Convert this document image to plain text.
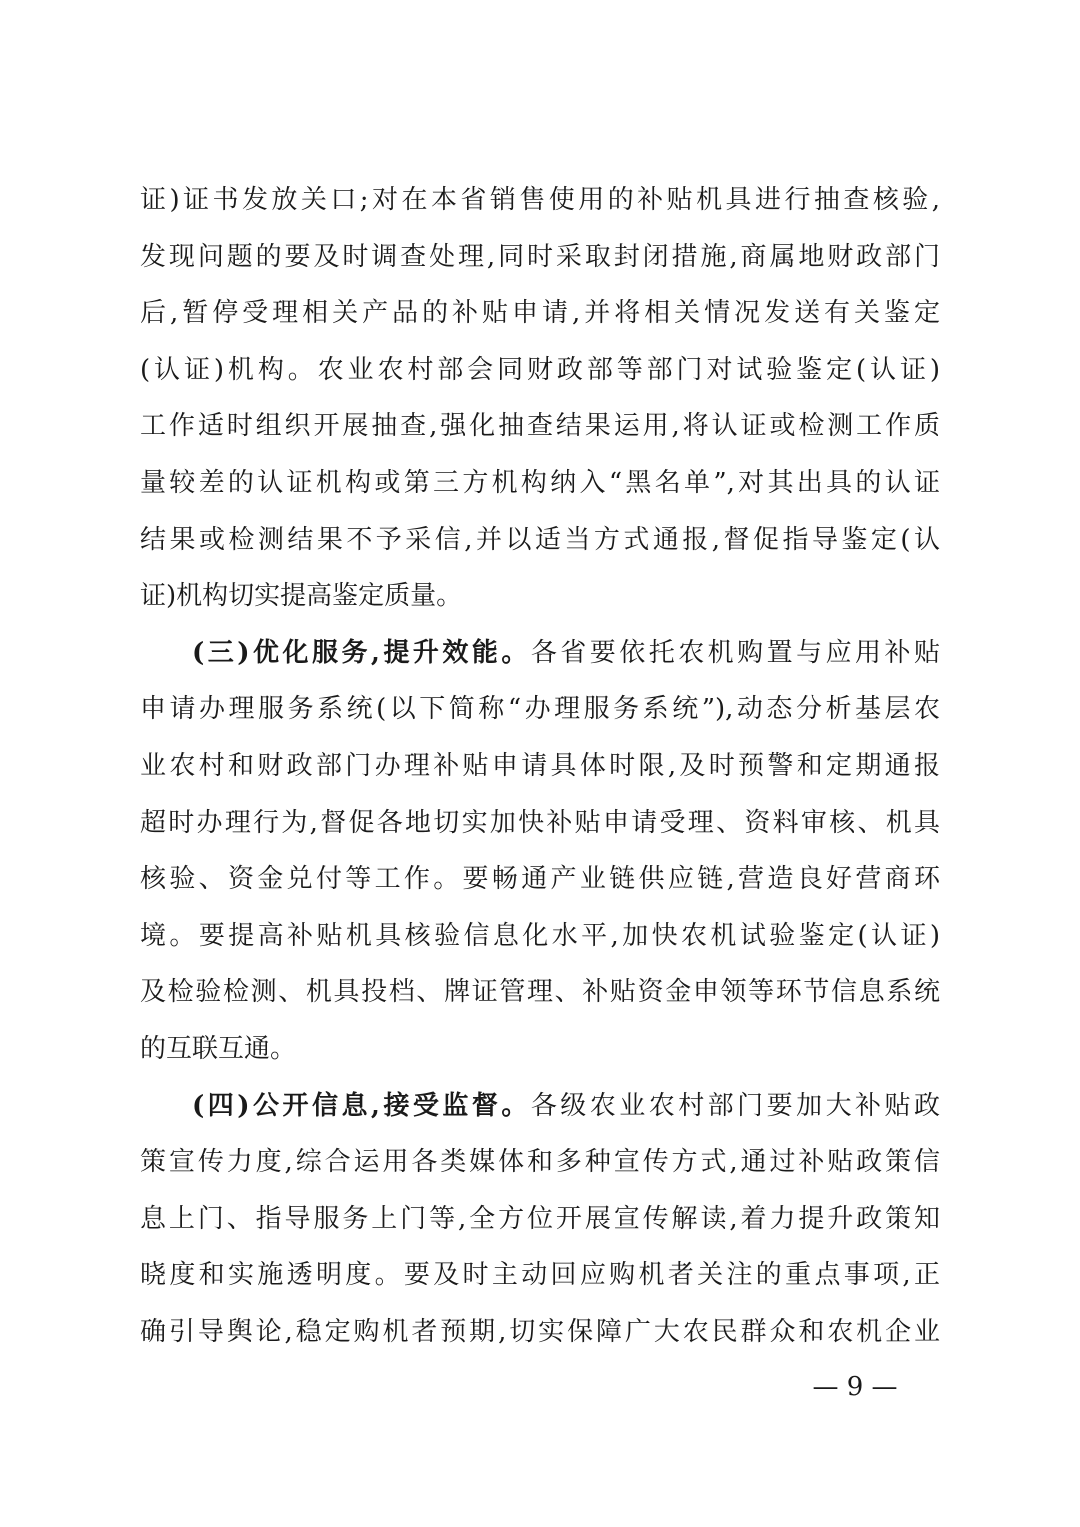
证)证书发放关口;对在本省销售使用的补贴机具进行抽查核验,
发现问题的要及时调查处理,同时采取封闭措施,商属地财政部门
后,暂停受理相关产品的补贴申请,并将相关情况发送有关鉴定
(认证)机构。农业农村部会同财政部等部门对试验鉴定(认证)
工作适时组织开展抽查,强化抽查结果运用,将认证或检测工作质
量较差的认证机构或第三方机构纳入“黑名单”,对其出具的认证
结果或检测结果不予采信,并以适当方式通报,督促指导鉴定(认
证)机构切实提高鉴定质量。
(三)优化服务,提升效能。各省要依托农机购置与应用补贴
申请办理服务系统(以下简称“办理服务系统”),动态分析基层农
业农村和财政部门办理补贴申请具体时限,及时预警和定期通报
超时办理行为,督促各地切实加快补贴申请受理、资料审核、机具
核验、资金兑付等工作。要畅通产业链供应链,营造良好营商环
境。要提高补贴机具核验信息化水平,加快农机试验鉴定(认证)
及检验检测、机具投档、牌证管理、补贴资金申领等环节信息系统
的互联互通。
(四)公开信息,接受监督。各级农业农村部门要加大补贴政
策宣传力度,综合运用各类媒体和多种宣传方式,通过补贴政策信
息上门、指导服务上门等,全方位开展宣传解读,着力提升政策知
晓度和实施透明度。要及时主动回应购机者关注的重点事项,正
确引导舆论,稳定购机者预期,切实保障广大农民群众和农机企业
— 9 —
